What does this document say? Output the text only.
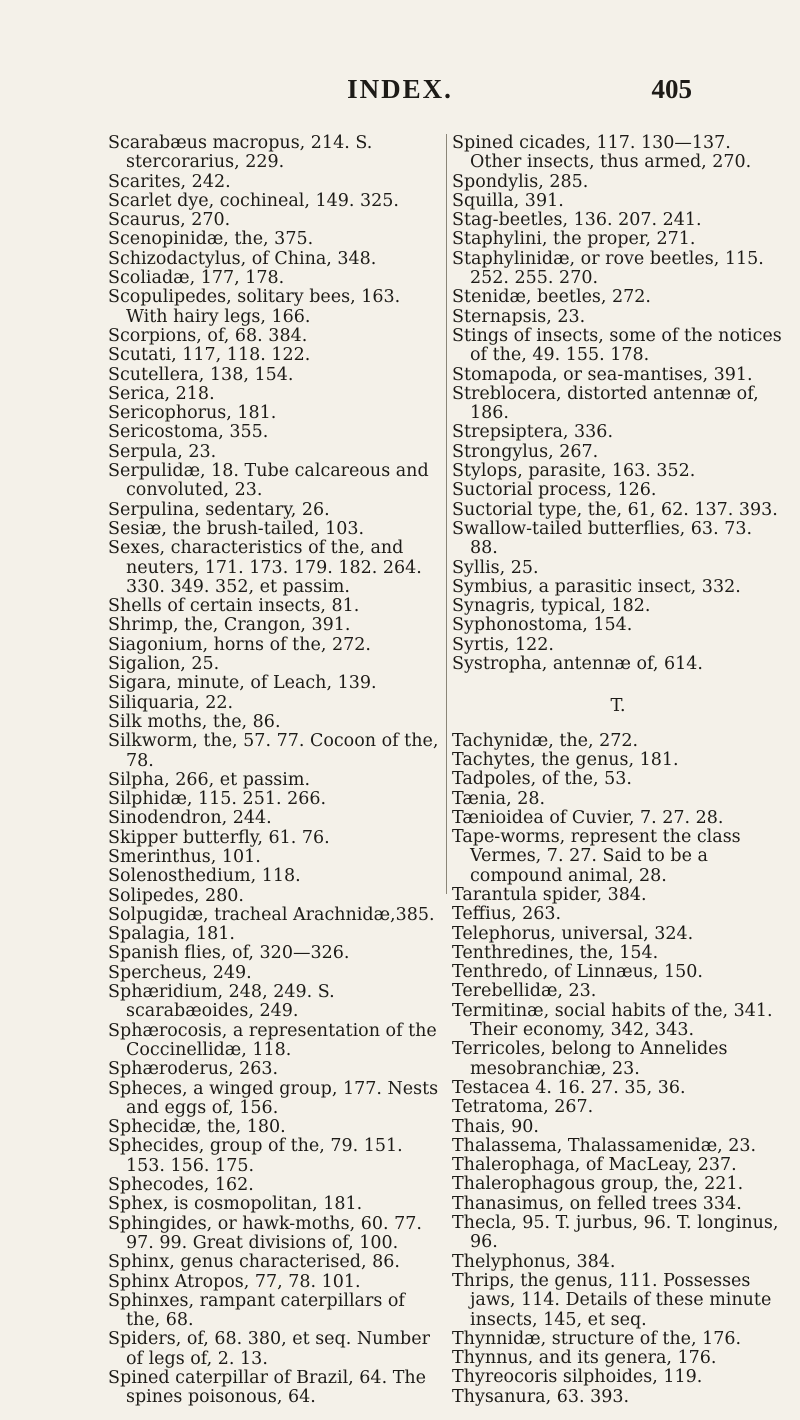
INDEX.	405

Scarabæus macropus, 214. S. stercorarius, 229.

Scarites, 242.

Scarlet dye, cochineal, 149. 325.

Scaurus, 270.

Scenopinidæ, the, 375.

Schizodactylus, of China, 348.

Scoliadæ, 177, 178.

Scopulipedes, solitary bees, 163. With hairy legs, 166.

Scorpions, of, 68. 384.

Scutati, 117, 118. 122.

Scutellera, 138, 154.

Serica, 218.

Sericophorus, 181.

Sericostoma, 355.

Serpula, 23.

Serpulidæ, 18. Tube calcareous and convoluted, 23.

Serpulina, sedentary, 26.

Sesiæ, the brush-tailed, 103.

Sexes, characteristics of the, and neuters, 171. 173. 179. 182. 264. 330. 349. 352, et passim.

Shells of certain insects, 81.

Shrimp, the, Crangon, 391.

Siagonium, horns of the, 272.

Sigalion, 25.

Sigara, minute, of Leach, 139.

Siliquaria, 22.

Silk moths, the, 86.

Silkworm, the, 57. 77. Cocoon of the, 78.

Silpha, 266, et passim.

Silphidæ, 115. 251. 266.

Sinodendron, 244.

Skipper butterfly, 61. 76.

Smerinthus, 101.

Solenosthedium, 118.

Solipedes, 280.

Solpugidæ, tracheal Arachnidæ,385.

Spalagia, 181.

Spanish flies, of, 320—326.

Spercheus, 249.

Sphæridium, 248, 249. S. scarabæoides, 249.

Sphærocosis, a representation of the Coccinellidæ, 118.

Sphæroderus, 263.

Spheces, a winged group, 177. Nests and eggs of, 156.

Sphecidæ, the, 180.

Sphecides, group of the, 79. 151. 153. 156. 175.

Sphecodes, 162.

Sphex, is cosmopolitan, 181.

Sphingides, or hawk-moths, 60. 77. 97. 99. Great divisions of, 100.

Sphinx, genus characterised, 86.

Sphinx Atropos, 77, 78. 101.

Sphinxes, rampant caterpillars of the, 68.

Spiders, of, 68. 380, et seq. Number of legs of, 2. 13.

Spined caterpillar of Brazil, 64. The spines poisonous, 64.

Spined cicades, 117. 130—137. Other insects, thus armed, 270.

Spondylis, 285.

Squilla, 391.

Stag-beetles, 136. 207. 241.

Staphylini, the proper, 271.

Staphylinidæ, or rove beetles, 115. 252. 255. 270.

Stenidæ, beetles, 272.

Sternapsis, 23.

Stings of insects, some of the notices of the, 49. 155. 178.

Stomapoda, or sea-mantises, 391.

Streblocera, distorted antennæ of, 186.

Strepsiptera, 336.

Strongylus, 267.

Stylops, parasite, 163. 352.

Suctorial process, 126.

Suctorial type, the, 61, 62. 137. 393.

Swallow-tailed butterflies, 63. 73. 88.

Syllis, 25.

Symbius, a parasitic insect, 332.

Synagris, typical, 182.

Syphonostoma, 154.

Syrtis, 122.

Systropha, antennæ of, 614.

T.

Tachynidæ, the, 272.

Tachytes, the genus, 181.

Tadpoles, of the, 53.

Tænia, 28.

Tænioidea of Cuvier, 7. 27. 28.

Tape-worms, represent the class Vermes, 7. 27. Said to be a compound animal, 28.

Tarantula spider, 384.

Teffius, 263.

Telephorus, universal, 324.

Tenthredines, the, 154.

Tenthredo, of Linnæus, 150.

Terebellidæ, 23.

Termitinæ, social habits of the, 341. Their economy, 342, 343.

Terricoles, belong to Annelides mesobranchiæ, 23.

Testacea 4. 16. 27. 35, 36.

Tetratoma, 267.

Thais, 90.

Thalassema, Thalassamenidæ, 23.

Thalerophaga, of MacLeay, 237.

Thalerophagous group, the, 221.

Thanasimus, on felled trees 334.

Thecla, 95. T. jurbus, 96. T. longinus, 96.

Thelyphonus, 384.

Thrips, the genus, 111. Possesses jaws, 114. Details of these minute insects, 145, et seq.

Thynnidæ, structure of the, 176.

Thynnus, and its genera, 176.

Thyreocoris silphoides, 119.

Thysanura, 63. 393.
